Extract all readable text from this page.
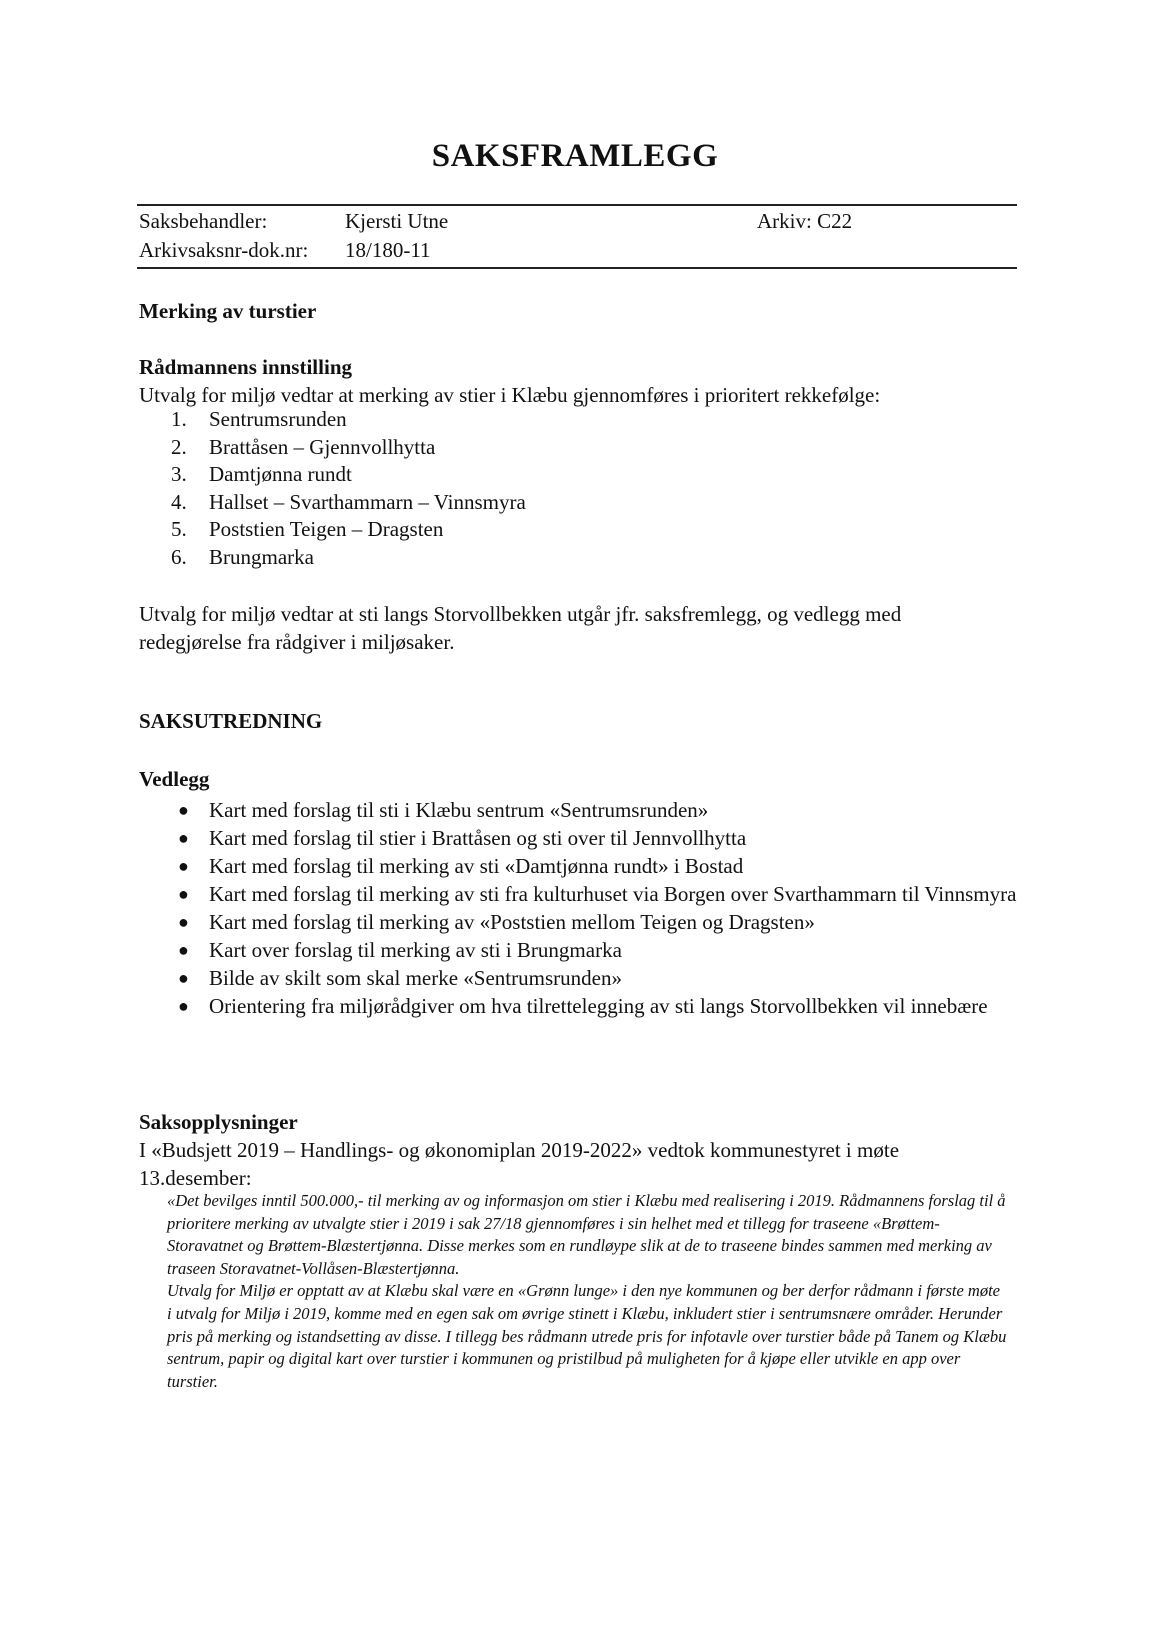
SAKSFRAMLEGG
Saksbehandler:	Kjersti Utne	Arkiv: C22
Arkivsaksnr-dok.nr: 18/180-11
Merking av turstier
Rådmannens innstilling

Utvalg for miljø vedtar at merking av stier i Klæbu gjennomføres i prioritert rekkefølge:

1. Sentrumsrunden
2. Brattåsen – Gjennvollhytta
3. Damtjønna rundt
4. Hallset – Svarthammarn – Vinnsmyra
5. Poststien Teigen – Dragsten
6. Brungmarka

Utvalg for miljø vedtar at sti langs Storvollbekken utgår jfr. saksfremlegg, og vedlegg med redegjørelse fra rådgiver i miljøsaker.

SAKSUTREDNING
Vedlegg
● Kart med forslag til sti i Klæbu sentrum «Sentrumsrunden»
● Kart med forslag til stier i Brattåsen og sti over til Jennvollhytta
● Kart med forslag til merking av sti «Damtjønna rundt» i Bostad
● Kart med forslag til merking av sti fra kulturhuset via Borgen over Svarthammarn til Vinnsmyra
● Kart med forslag til merking av «Poststien mellom Teigen og Dragsten»
● Kart over forslag til merking av sti i Brungmarka
● Bilde av skilt som skal merke «Sentrumsrunden»
● Orientering fra miljørådgiver om hva tilrettelegging av sti langs Storvollbekken vil innebære
Saksopplysninger

I «Budsjett 2019 – Handlings- og økonomiplan 2019-2022» vedtok kommunestyret i møte 13.desember:

«Det bevilges inntil 500.000,- til merking av og informasjon om stier i Klæbu med realisering i 2019. Rådmannens forslag til å prioritere merking av utvalgte stier i 2019 i sak 27/18 gjennomføres i sin helhet med et tillegg for traseene «Brøttem-Storavatnet og Brøttem-Blæstertjønna. Disse merkes som en rundløype slik at de to traseene bindes sammen med merking av traseen Storavatnet-Vollåsen-Blæstertjønna.

Utvalg for Miljø er opptatt av at Klæbu skal være en «Grønn lunge» i den nye kommunen og ber derfor rådmann i første møte i utvalg for Miljø i 2019, komme med en egen sak om øvrige stinett i Klæbu, inkludert stier i sentrumsnære områder. Herunder pris på merking og istandsetting av disse. I tillegg bes rådmann utrede pris for infotavle over turstier både på Tanem og Klæbu sentrum, papir og digital kart over turstier i kommunen og pristilbud på muligheten for å kjøpe eller utvikle en app over turstier.
